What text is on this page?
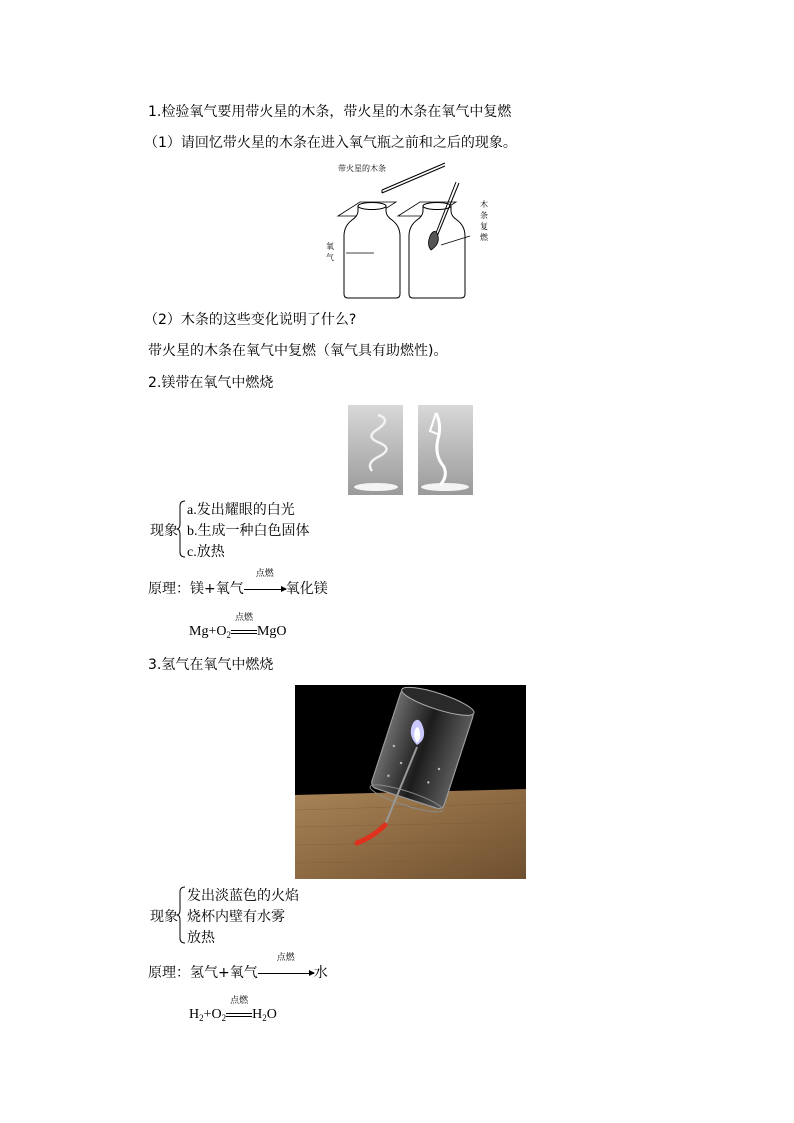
1.检验氧气要用带火星的木条，带火星的木条在氧气中复燃
（1）请回忆带火星的木条在进入氧气瓶之前和之后的现象。
带火星的木条
氧
气
木
条
复
燃
（2）木条的这些变化说明了什么?
带火星的木条在氧气中复燃（氧气具有助燃性)。
2.镁带在氧气中燃烧
现象
a.发出耀眼的白光
b.生成一种白色固体
c.放热
原理：镁+氧气
点燃
氧化镁
$Mg+O_2$
点燃
MgO
3.氢气在氧气中燃烧
现象
发出淡蓝色的火焰
烧杯内壁有水雾
放热
原理：氢气+氧气
点燃
水
$H_2+O_2$
点燃
$H_2O$
